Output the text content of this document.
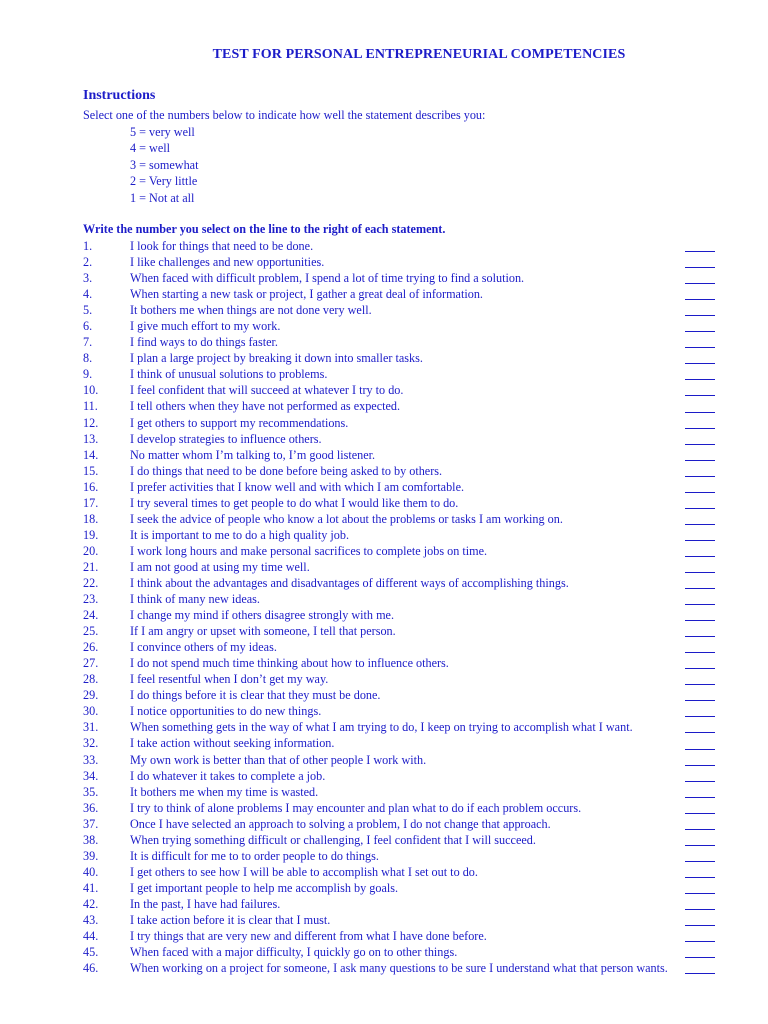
TEST FOR PERSONAL ENTREPRENEURIAL COMPETENCIES
Instructions
Select one of the numbers below to indicate how well the statement describes you:
5 = very well
4 = well
3 = somewhat
2 = Very little
1 = Not at all
Write the number you select on the line to the right of each statement.
1.	I look for things that need to be done.
2.	I like challenges and new opportunities.
3.	When faced with difficult problem, I spend a lot of time trying to find a solution.
4.	When starting a new task or project, I gather a great deal of information.
5.	It bothers me when things are not done very well.
6.	I give much effort to my work.
7.	I find ways to do things faster.
8.	I plan a large project by breaking it down into smaller tasks.
9.	I think of unusual solutions to problems.
10.	I feel confident that will succeed at whatever I try to do.
11.	I tell others when they have not performed as expected.
12.	I get others to support my recommendations.
13.	I develop strategies to influence others.
14.	No matter whom I’m talking to, I’m good listener.
15.	I do things that need to be done before being asked to by others.
16.	I prefer activities that I know well and with which I am comfortable.
17.	I try several times to get people to do what I would like them to do.
18.	I seek the advice of people who know a lot about the problems or tasks I am working on.
19.	It is important to me to do a high quality job.
20.	I work long hours and make personal sacrifices to complete jobs on time.
21.	I am not good at using my time well.
22.	I think about the advantages and disadvantages of different ways of accomplishing things.
23.	I think of many new ideas.
24.	I change my mind if others disagree strongly with me.
25.	If I am angry or upset with someone, I tell that person.
26.	I convince others of my ideas.
27.	I do not spend much time thinking about how to influence others.
28.	I feel resentful when I don’t get my way.
29.	I do things before it is clear that they must be done.
30.	I notice opportunities to do new things.
31.	When something gets in the way of what I am trying to do, I keep on trying to accomplish what I want.
32.	I take action without seeking information.
33.	My own work is better than that of other people I work with.
34.	I do whatever it takes to complete a job.
35.	It bothers me when my time is wasted.
36.	I try to think of alone problems I may encounter and plan what to do if each problem occurs.
37.	Once I have selected an approach to solving a problem, I do not change that approach.
38.	When trying something difficult or challenging, I feel confident that I will succeed.
39.	It is difficult for me to to order people to do things.
40.	I get others to see how I will be able to accomplish what I set out to do.
41.	I get important people to help me accomplish by goals.
42.	In the past, I have had failures.
43.	I take action before it is clear that I must.
44.	I try things that are very new and different from what I have done before.
45.	When faced with a major difficulty, I quickly go on to other things.
46.	When working on a project for someone, I ask many questions to be sure I understand what that person wants.
